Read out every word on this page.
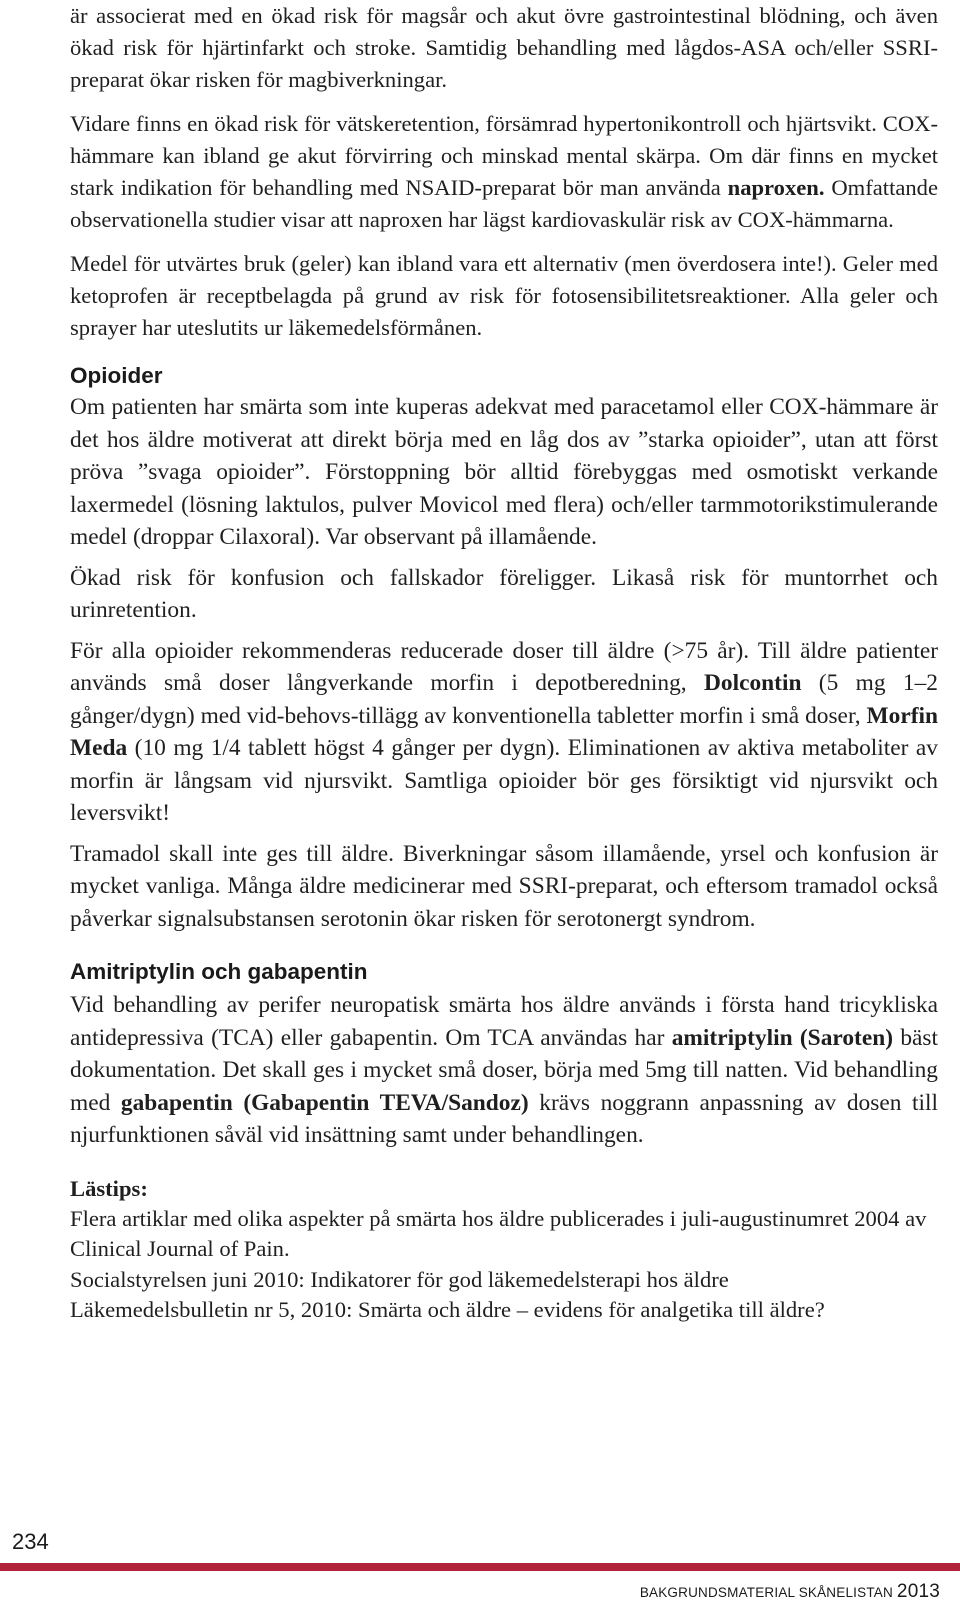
är associerat med en ökad risk för magsår och akut övre gastrointestinal blödning, och även ökad risk för hjärtinfarkt och stroke. Samtidig behandling med lågdos-ASA och/eller SSRI-preparat ökar risken för magbiverkningar.

Vidare finns en ökad risk för vätskeretention, försämrad hypertonikontroll och hjärtsvikt. COX-hämmare kan ibland ge akut förvirring och minskad mental skärpa. Om där finns en mycket stark indikation för behandling med NSAID-preparat bör man använda naproxen. Omfattande observationella studier visar att naproxen har lägst kardiovaskulär risk av COX-hämmarna.

Medel för utvärtes bruk (geler) kan ibland vara ett alternativ (men överdosera inte!). Geler med ketoprofen är receptbelagda på grund av risk för fotosensibilitetsreaktioner. Alla geler och sprayer har uteslutits ur läkemedelsförmånen.

Opioider

Om patienten har smärta som inte kuperas adekvat med paracetamol eller COX-hämmare är det hos äldre motiverat att direkt börja med en låg dos av ”starka opioider”, utan att först pröva ”svaga opioider”. Förstoppning bör alltid förebyggas med osmotiskt verkande laxermedel (lösning laktulos, pulver Movicol med flera) och/eller tarmmotorikstimulerande medel (droppar Cilaxoral). Var observant på illamående.

Ökad risk för konfusion och fallskador föreligger. Likaså risk för muntorrhet och urinretention.

För alla opioider rekommenderas reducerade doser till äldre (>75 år). Till äldre patienter används små doser långverkande morfin i depotberedning, Dolcontin (5 mg 1–2 gånger/dygn) med vid-behovs-tillägg av konventionella tabletter morfin i små doser, Morfin Meda (10 mg 1/4 tablett högst 4 gånger per dygn). Eliminationen av aktiva metaboliter av morfin är långsam vid njursvikt. Samtliga opioider bör ges försiktigt vid njursvikt och leversvikt!

Tramadol skall inte ges till äldre. Biverkningar såsom illamående, yrsel och konfusion är mycket vanliga. Många äldre medicinerar med SSRI-preparat, och eftersom tramadol också påverkar signalsubstansen serotonin ökar risken för serotonergt syndrom.

Amitriptylin och gabapentin

Vid behandling av perifer neuropatisk smärta hos äldre används i första hand tricykliska antidepressiva (TCA) eller gabapentin. Om TCA användas har amitriptylin (Saroten) bäst dokumentation. Det skall ges i mycket små doser, börja med 5mg till natten. Vid behandling med gabapentin (Gabapentin TEVA/Sandoz) krävs noggrann anpassning av dosen till njurfunktionen såväl vid insättning samt under behandlingen.

Lästips:

Flera artiklar med olika aspekter på smärta hos äldre publicerades i juli-augustinumret 2004 av Clinical Journal of Pain.

Socialstyrelsen juni 2010: Indikatorer för god läkemedelsterapi hos äldre

Läkemedelsbulletin nr 5, 2010: Smärta och äldre – evidens för analgetika till äldre?

234
BAKGRUNDSMATERIAL SKÅNELISTAN 2013
